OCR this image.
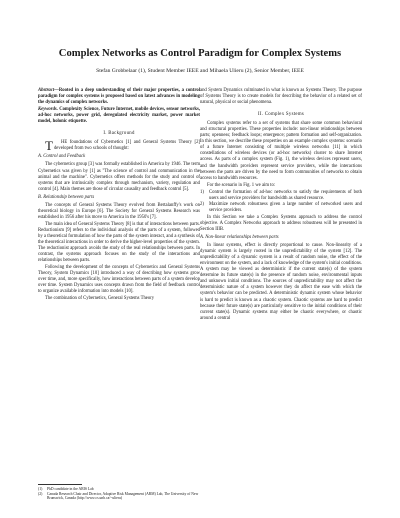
Complex Networks as Control Paradigm for Complex Systems
Stefan Grobbelaar (1), Student Member IEEE and Mihaela Ulieru (2), Senior Member, IEEE

Abstract—Rooted in a deep understanding of their major properties, a control paradigm for complex systems is proposed based on latest advances in modeling the dynamics of complex networks.

Keywords. Complexity Science, Future Internet, mobile devices, sensor networks, ad-hoc networks, power grid, deregulated electricity market, power market model, holonic etiquette.

I. Background

T HE foundations of Cybernetics [1] and General Systems Theory [2] developed from two schools of thought:

A. Control and Feedback

The cybernetics group [3] was formally established in America by 1946. The term Cybernetics was given by [1] as "The science of control and communication in the animal and the machine". Cybernetics offers methods for the study and control of systems that are intrinsically complex through mechanism, variety, regulation and control [4]. Main themes are those of circular causality and feedback control [5].

B. Relationship between parts

The concepts of General Systems Theory evolved from Bertalanffy's work on theoretical biology in Europe [6]. The Society for General Systems Research was established in 1956 after his move to America in the 1950's [7].

The main idea of General Systems Theory [8] is that of interactions between parts. Reductionism [9] refers to the individual analysis of the parts of a system, followed by a theoretical formulation of how the parts of the system interact, and a synthesis of the theoretical interactions in order to derive the higher-level properties of the system. The reductionist approach avoids the study of the real relationships between parts. In contrast, the systems approach focuses on the study of the interactions and relationships between parts.

Following the development of the concepts of Cybernetics and General Systems Theory, System Dynamics [10] introduced a way of describing how systems grow over time, and, more specifically, how interactions between parts of a system develop over time. System Dynamics uses concepts drawn from the field of feedback control to organize available information into models [10].

The combination of Cybernetics, General Systems Theory

and System Dynamics culminated in what is known as Systems Theory. The purpose of Systems Theory is to create models for describing the behavior of a related set of natural, physical or social phenomena.

II. Complex Systems

Complex systems refer to a set of systems that share some common behavioral and structural properties. These properties include: non-linear relationships between parts; openness; feedback loops; emergence; pattern formation and self-organization. In this section, we describe these properties on an example complex systems: scenario of a future Internet consisting of multiple wireless networks [11] in which constellations of wireless devices (or ad-hoc networks) cluster to share Internet access. As parts of a complex system (Fig. 1), the wireless devices represent users, and the bandwidth providers represent service providers, while the interactions between the parts are driven by the need to form communities of networks to obtain access to bandwidth resources.

For the scenario in Fig. 1 we aim to:

1)	Control the formation of ad-hoc networks to satisfy the requirements of both users and service providers for bandwidth as shared resource.
2)	Maximize network robustness given a large number of networked users and service providers.

In this Section we take a Complex Systems approach to address the control objective. A Complex Networks approach to address robustness will be presented in Section IIIB.

A. Non-linear relationships between parts

In linear systems, effect is directly proportional to cause. Non-linearity of a dynamic system is largely rooted in the unpredictability of the system [12]. The unpredictability of a dynamic system is a result of random noise, the effect of the environment on the system, and a lack of knowledge of the system's initial conditions. A system may be viewed as deterministic if the current state(s) of the system determine its future state(s) in the presence of random noise, environmental inputs and unknown initial conditions. The sources of unpredictability may not affect the deterministic nature of a system however they do affect the ease with which the system's behavior can be predicted. A deterministic dynamic system whose behavior is hard to predict is known as a chaotic system. Chaotic systems are hard to predict because their future state(s) are particularly sensitive to the initial conditions of their current state(s). Dynamic systems may either be chaotic everywhere, or chaotic around a central

(1)	PhD candidate in the ARIS Lab
(2)	Canada Research Chair and Director, Adaptive Risk Management (ARM) Lab, The University of New Brunswick, Canada (http://www.cs.unb.ca/~ulieru)
